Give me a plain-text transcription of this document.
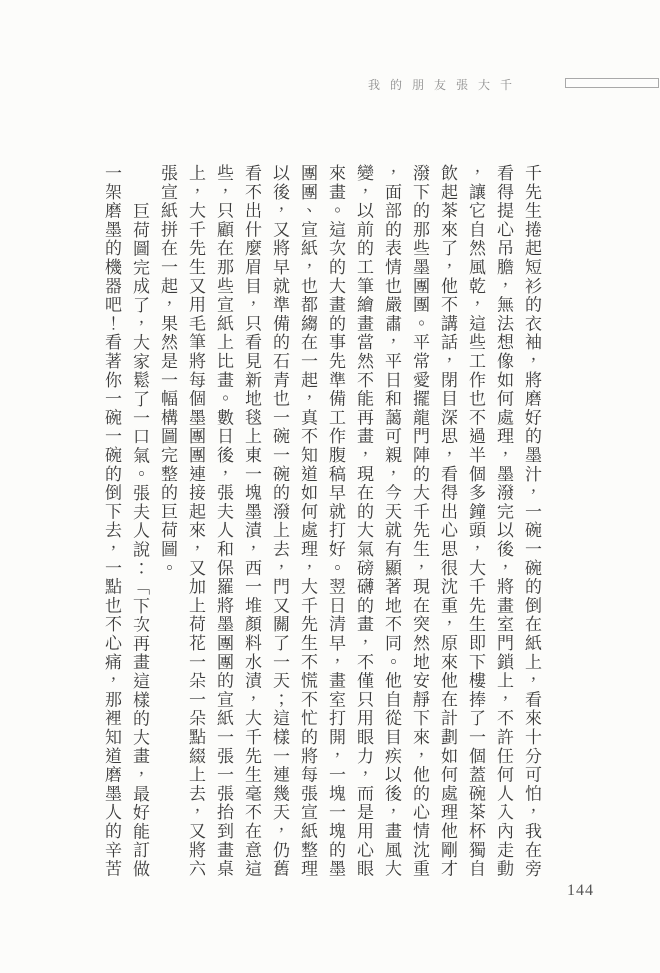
我的朋友張大千

千先生捲起短衫的衣袖，將磨好的墨汁，一碗一碗的倒在紙上，看來十分可怕，我在旁看得提心吊膽，無法想像如何處理，墨潑完以後，將畫室門鎖上，不許任何人入內走動，讓它自然風乾，這些工作也不過半個多鐘頭，大千先生即下樓捧了一個蓋碗茶杯獨自飲起茶來了，他不講話，閉目深思，看得出心思很沈重，原來他在計劃如何處理他剛才潑下的那些墨團團。平常愛擺龍門陣的大千先生，現在突然地安靜下來，他的心情沈重，面部的表情也嚴肅，平日和藹可親，今天就有顯著地不同。他自從目疾以後，畫風大變，以前的工筆繪畫當然不能再畫，現在的大氣磅礴的畫，不僅只用眼力，而是用心眼來畫。這次的大畫的事先準備工作腹稿早就打好。翌日清早，畫室打開，一塊一塊的墨團團、宣紙，也都縐在一起，真不知道如何處理，大千先生不慌不忙的將每張宣紙整理以後，又將早就準備的石青也一碗一碗的潑上去，門又關了一天；這樣一連幾天，仍舊看不出什麼眉目，只看見新地毯上東一塊墨漬，西一堆顏料水漬，大千先生毫不在意這些，只顧在那些宣紙上比畫。數日後，張夫人和保羅將墨團團的宣紙一張一張抬到畫桌上，大千先生又用毛筆將每個墨團團連接起來，又加上荷花一朵一朵點綴上去，又將六張宣紙拼在一起，果然是一幅構圖完整的巨荷圖。

巨荷圖完成了，大家鬆了一口氣。張夫人說：「下次再畫這樣的大畫，最好能訂做一架磨墨的機器吧！看著你一碗一碗的倒下去，一點也不心痛，那裡知道磨墨人的辛苦

144
